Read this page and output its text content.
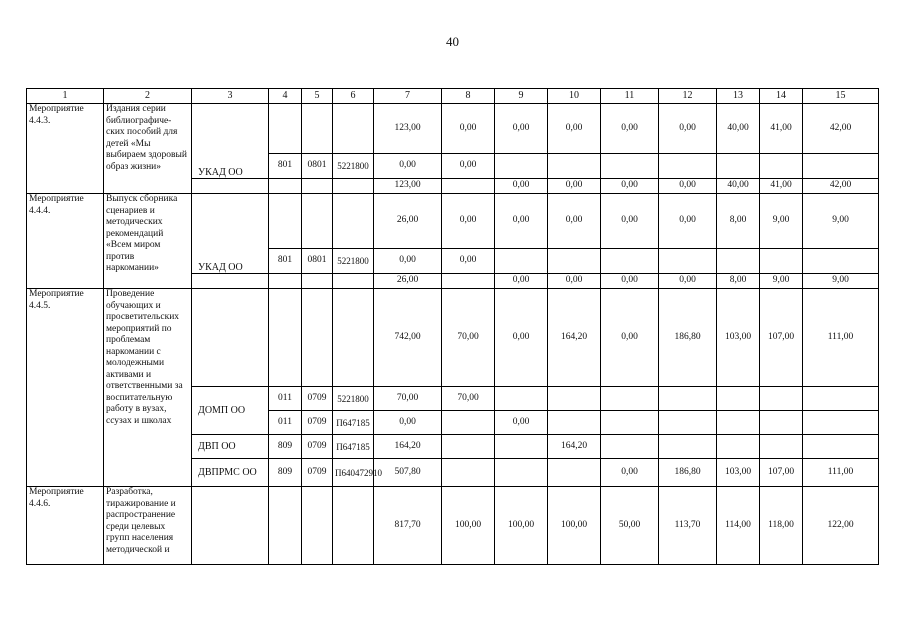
40
1	2	3	4	5	6	7	8	9	10	11	12	13	14	15
Мероприятие 4.4.3.	Издания серии библиографиче-ских пособий для детей «Мы выбираем здоровый образ жизни»	УКАД ОО				123,00	0,00	0,00	0,00	0,00	0,00	40,00	41,00	42,00
			801	0801	5221800	0,00	0,00							
						123,00		0,00	0,00	0,00	0,00	40,00	41,00	42,00
Мероприятие 4.4.4.	Выпуск сборника сценариев и методических рекомендаций «Всем миром против наркомании»	УКАД ОО				26,00	0,00	0,00	0,00	0,00	0,00	8,00	9,00	9,00
			801	0801	5221800	0,00	0,00							
						26,00		0,00	0,00	0,00	0,00	8,00	9,00	9,00
Мероприятие 4.4.5.	Проведение обучающих и просветительских мероприятий по проблемам наркомании с молодежными активами и ответственными за воспитательную работу в вузах, ссузах и школах					742,00	70,00	0,00	164,20	0,00	186,80	103,00	107,00	111,00
		ДОМП ОО	011	0709	5221800	70,00	70,00							
			011	0709	П647185	0,00		0,00						
		ДВП ОО	809	0709	П647185	164,20			164,20					
		ДВПРМС ОО	809	0709	П640472910	507,80				0,00	186,80	103,00	107,00	111,00
Мероприятие 4.4.6.	Разработка, тиражирование и распространение среди целевых групп населения методической и					817,70	100,00	100,00	100,00	50,00	113,70	114,00	118,00	122,00
